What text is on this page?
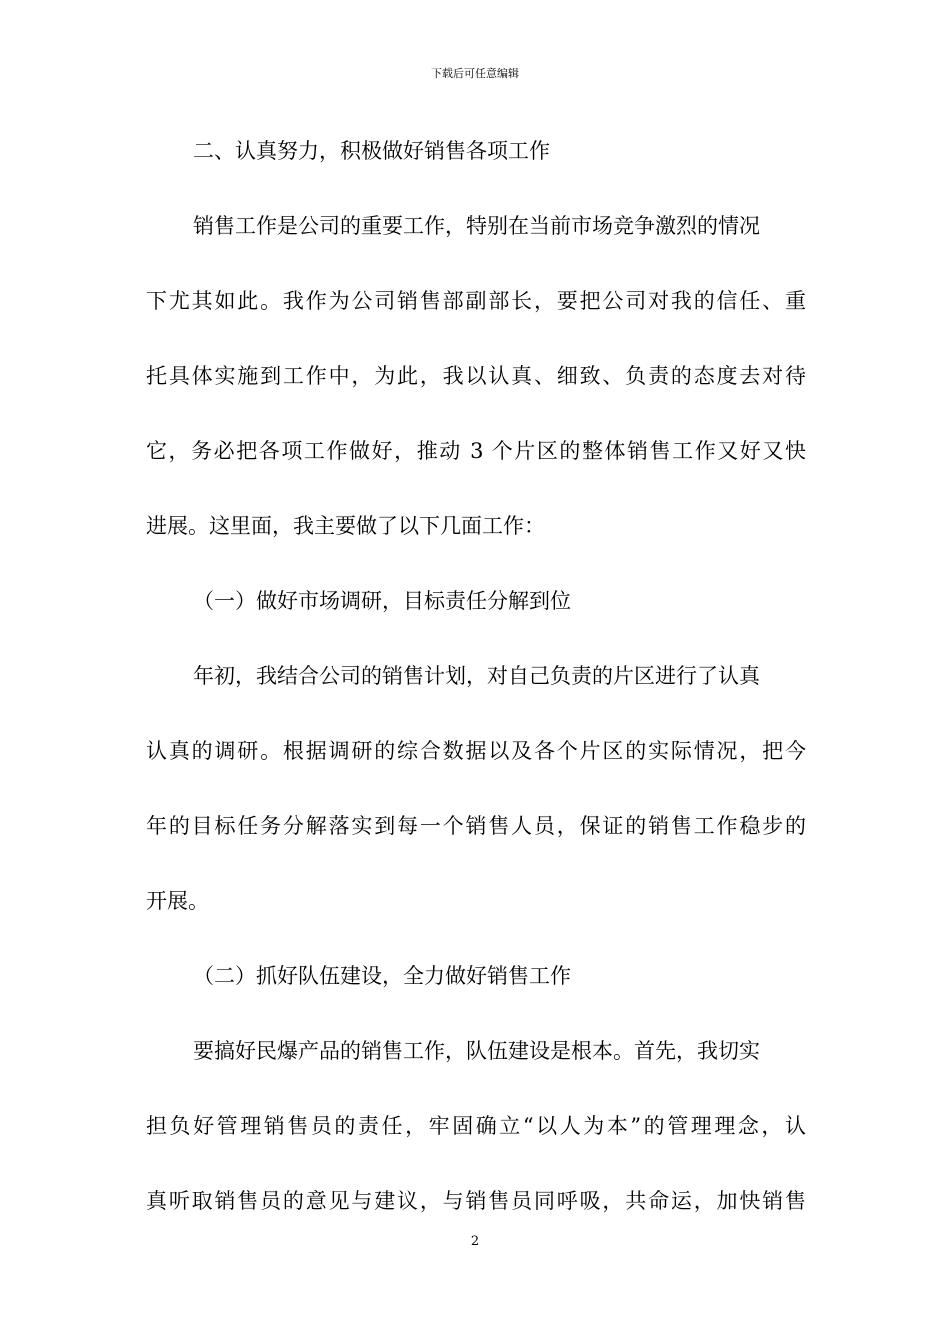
下载后可任意编辑
二、认真努力，积极做好销售各项工作
销售工作是公司的重要工作，特别在当前市场竞争激烈的情况
下尤其如此。我作为公司销售部副部长，要把公司对我的信任、重
托具体实施到工作中，为此，我以认真、细致、负责的态度去对待
它，务必把各项工作做好，推动 3 个片区的整体销售工作又好又快
进展。这里面，我主要做了以下几面工作：
（一）做好市场调研，目标责任分解到位
年初，我结合公司的销售计划，对自己负责的片区进行了认真
认真的调研。根据调研的综合数据以及各个片区的实际情况，把今
年的目标任务分解落实到每一个销售人员，保证的销售工作稳步的
开展。
（二）抓好队伍建设，全力做好销售工作
要搞好民爆产品的销售工作，队伍建设是根本。首先，我切实
担负好管理销售员的责任，牢固确立“以人为本”的管理理念，认
真听取销售员的意见与建议，与销售员同呼吸，共命运，加快销售
2
